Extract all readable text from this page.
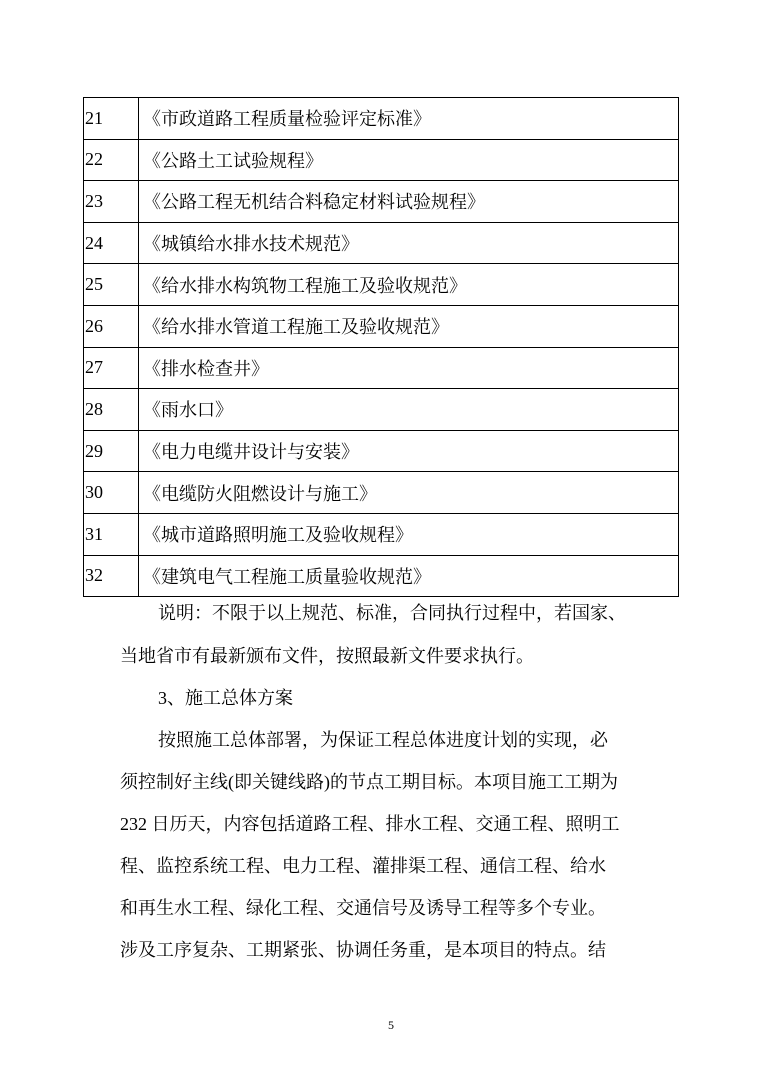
21	《市政道路工程质量检验评定标准》
22	《公路土工试验规程》
23	《公路工程无机结合料稳定材料试验规程》
24	《城镇给水排水技术规范》
25	《给水排水构筑物工程施工及验收规范》
26	《给水排水管道工程施工及验收规范》
27	《排水检查井》
28	《雨水口》
29	《电力电缆井设计与安装》
30	《电缆防火阻燃设计与施工》
31	《城市道路照明施工及验收规程》
32	《建筑电气工程施工质量验收规范》
说明：不限于以上规范、标准，合同执行过程中，若国家、
当地省市有最新颁布文件，按照最新文件要求执行。
3、施工总体方案
按照施工总体部署，为保证工程总体进度计划的实现，必
须控制好主线(即关键线路)的节点工期目标。本项目施工工期为
232 日历天，内容包括道路工程、排水工程、交通工程、照明工
程、监控系统工程、电力工程、灌排渠工程、通信工程、给水
和再生水工程、绿化工程、交通信号及诱导工程等多个专业。
涉及工序复杂、工期紧张、协调任务重，是本项目的特点。结
5
